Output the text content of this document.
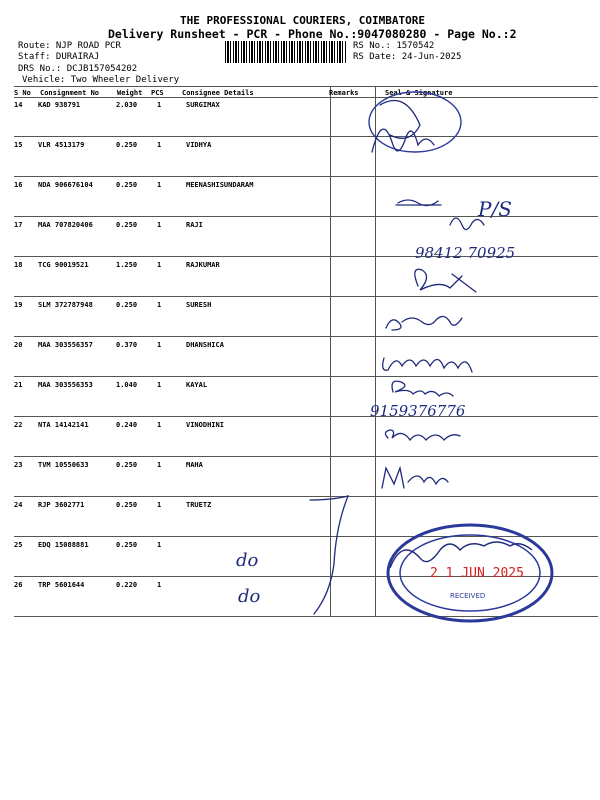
THE PROFESSIONAL COURIERS, COIMBATORE
Delivery Runsheet - PCR - Phone No.:9047080280 - Page No.:2
Route: NJP ROAD PCR
Staff: DURAIRAJ
DRS No.: DCJB157054202
Vehicle: Two Wheeler Delivery
RS No.: 1570542
RS Date: 24-Jun-2025
S No Consignment No	Weight PCS	Consignee Details	Remarks	Seal & Signature
14 KAD 938791	2.030	1	SURGIMAX
15 VLR 4513179	0.250	1	VIDHYA
16 NDA 906676104	0.250	1	MEENASHISUNDARAM
17 MAA 707820406	0.250	1	RAJI
18 TCG 90019521	1.250	1	RAJKUMAR
19 SLM 372787948	0.250	1	SURESH
20 MAA 303556357	0.370	1	DHANSHICA
21 MAA 303556353	1.040	1	KAYAL
22 NTA 14142141	0.240	1	VINODHINI
23 TVM 10550633	0.250	1	MAHA
24 RJP 3602771	0.250	1	TRUETZ
25 EDQ 15088881	0.250	1
26 TRP 5601644	0.220	1
P/S
98412 70925
9159376776
do
do
2 1 JUN 2025
RECEIVED
